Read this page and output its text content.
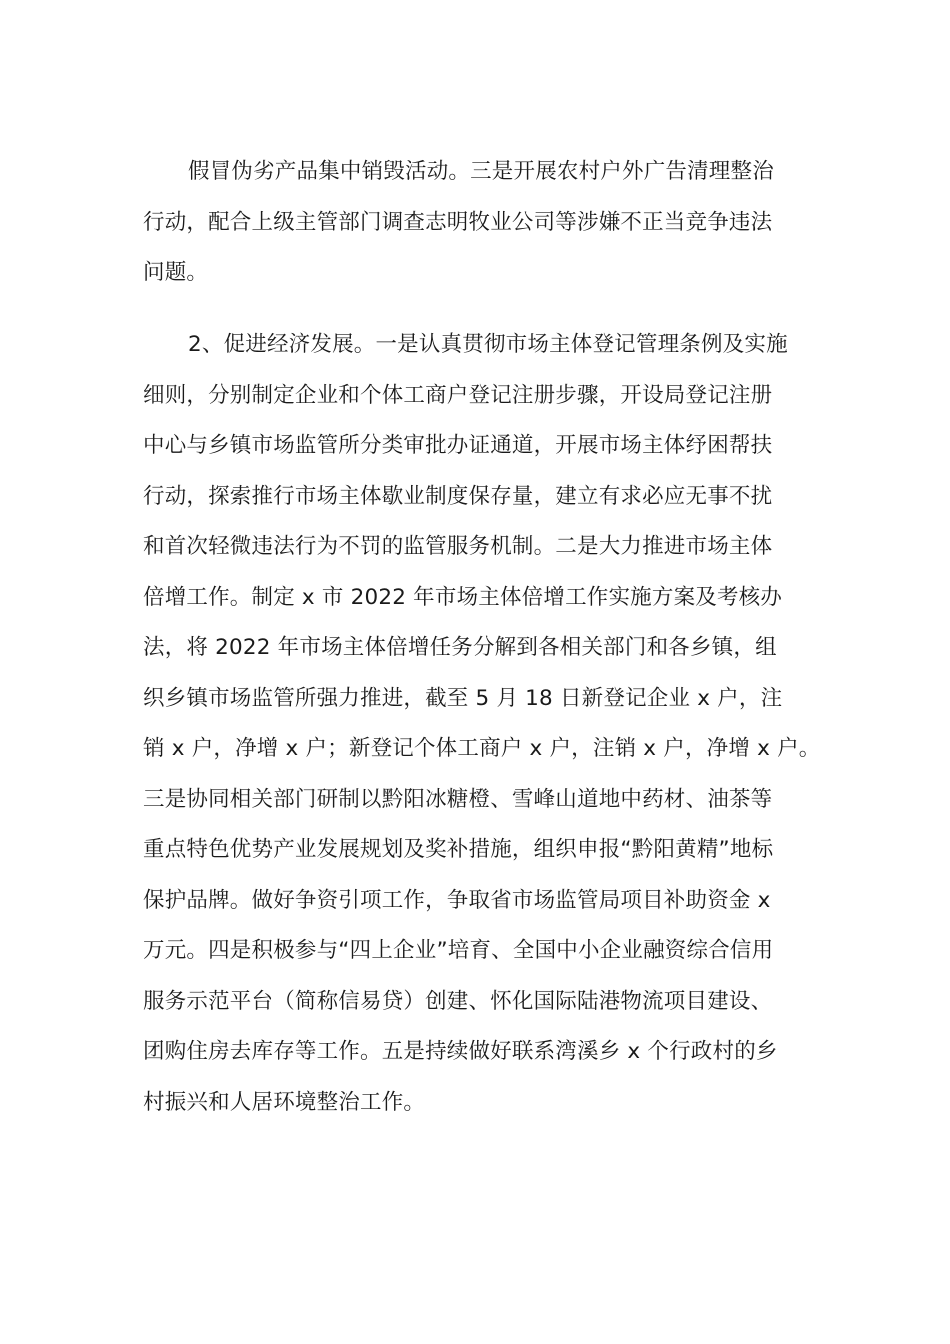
假冒伪劣产品集中销毁活动。三是开展农村户外广告清理整治
行动，配合上级主管部门调查志明牧业公司等涉嫌不正当竞争违法
问题。

2、促进经济发展。一是认真贯彻市场主体登记管理条例及实施
细则，分别制定企业和个体工商户登记注册步骤，开设局登记注册
中心与乡镇市场监管所分类审批办证通道，开展市场主体纾困帮扶
行动，探索推行市场主体歇业制度保存量，建立有求必应无事不扰
和首次轻微违法行为不罚的监管服务机制。二是大力推进市场主体
倍增工作。制定 x 市 2022 年市场主体倍增工作实施方案及考核办
法，将 2022 年市场主体倍增任务分解到各相关部门和各乡镇，组
织乡镇市场监管所强力推进，截至 5 月 18 日新登记企业 x 户，注
销 x 户，净增 x 户；新登记个体工商户 x 户，注销 x 户，净增 x 户。
三是协同相关部门研制以黔阳冰糖橙、雪峰山道地中药材、油茶等
重点特色优势产业发展规划及奖补措施，组织申报“黔阳黄精”地标
保护品牌。做好争资引项工作，争取省市场监管局项目补助资金 x
万元。四是积极参与“四上企业”培育、全国中小企业融资综合信用
服务示范平台（简称信易贷）创建、怀化国际陆港物流项目建设、
团购住房去库存等工作。五是持续做好联系湾溪乡 x 个行政村的乡
村振兴和人居环境整治工作。
